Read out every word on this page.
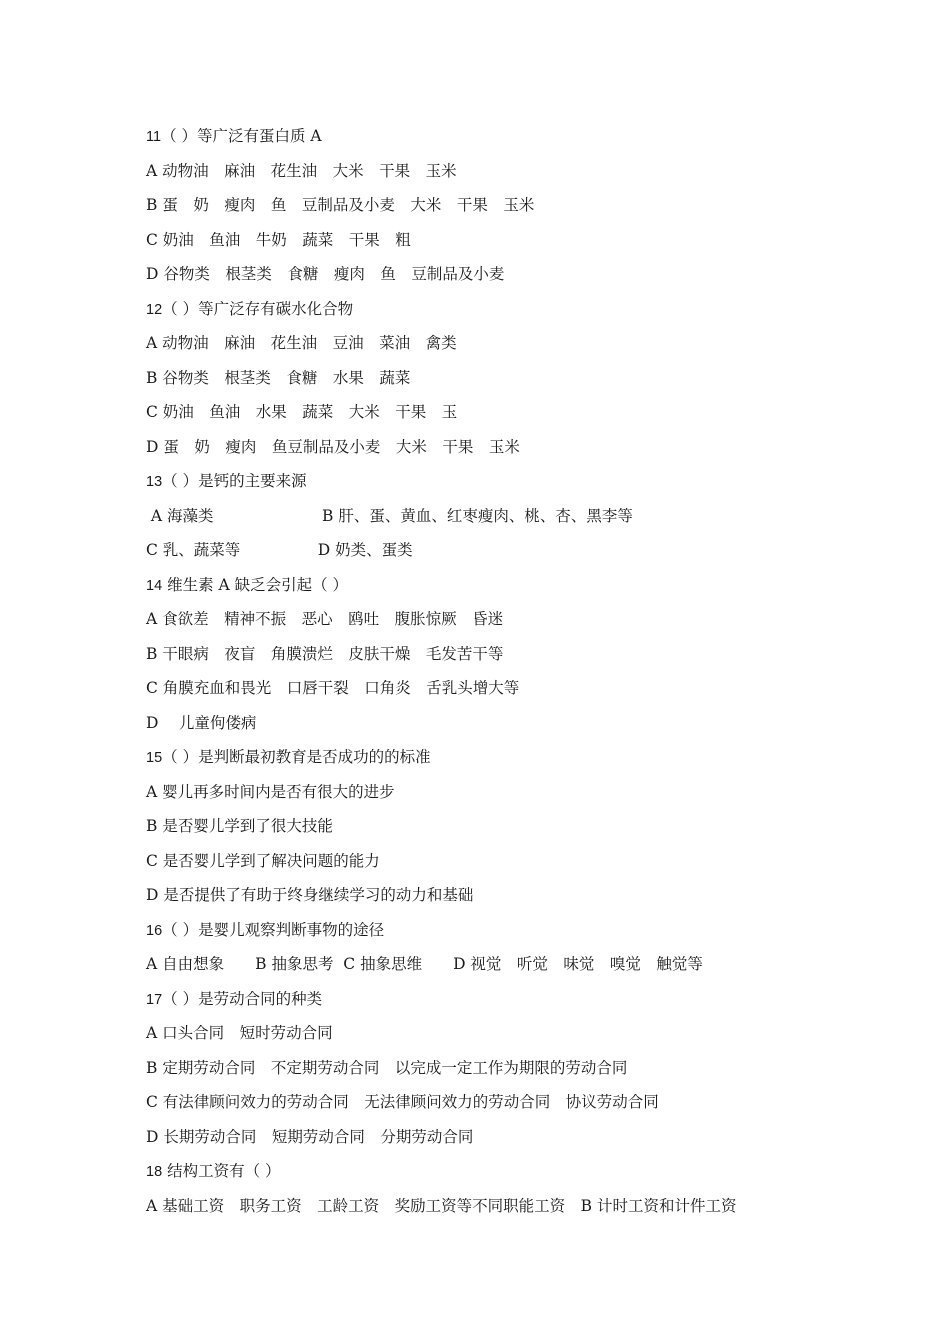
11（ ）等广泛有蛋白质 A
A 动物油　麻油　花生油　大米　干果　玉米
B 蛋　奶　瘦肉　鱼　豆制品及小麦　大米　干果　玉米
C 奶油　鱼油　牛奶　蔬菜　干果　粗
D 谷物类　根茎类　食糖　瘦肉　鱼　豆制品及小麦
12（ ）等广泛存有碳水化合物
A 动物油　麻油　花生油　豆油　菜油　禽类
B 谷物类　根茎类　食糖　水果　蔬菜
C 奶油　鱼油　水果　蔬菜　大米　干果　玉
D 蛋　奶　瘦肉　鱼豆制品及小麦　大米　干果　玉米
13（ ）是钙的主要来源
A 海藻类　　　　　　　B 肝、蛋、黄血、红枣瘦肉、桃、杏、黑李等
C 乳、蔬菜等　　　　　D 奶类、蛋类
14 维生素 A 缺乏会引起（ ）
A 食欲差　精神不振　恶心　鸥吐　腹胀惊厥　昏迷
B 干眼病　夜盲　角膜溃烂　皮肤干燥　毛发苦干等
C 角膜充血和畏光　口唇干裂　口角炎　舌乳头增大等
D　 儿童佝偻病
15（ ）是判断最初教育是否成功的的标准
A 婴儿再多时间内是否有很大的进步
B 是否婴儿学到了很大技能
C 是否婴儿学到了解决问题的能力
D 是否提供了有助于终身继续学习的动力和基础
16（ ）是婴儿观察判断事物的途径
A 自由想象　　B 抽象思考  C 抽象思维　　D 视觉　听觉　味觉　嗅觉　触觉等
17（ ）是劳动合同的种类
A 口头合同　短时劳动合同
B 定期劳动合同　不定期劳动合同　以完成一定工作为期限的劳动合同
C 有法律顾问效力的劳动合同　无法律顾问效力的劳动合同　协议劳动合同
D 长期劳动合同　短期劳动合同　分期劳动合同
18 结构工资有（ ）
A 基础工资　职务工资　工龄工资　奖励工资等不同职能工资　B 计时工资和计件工资
